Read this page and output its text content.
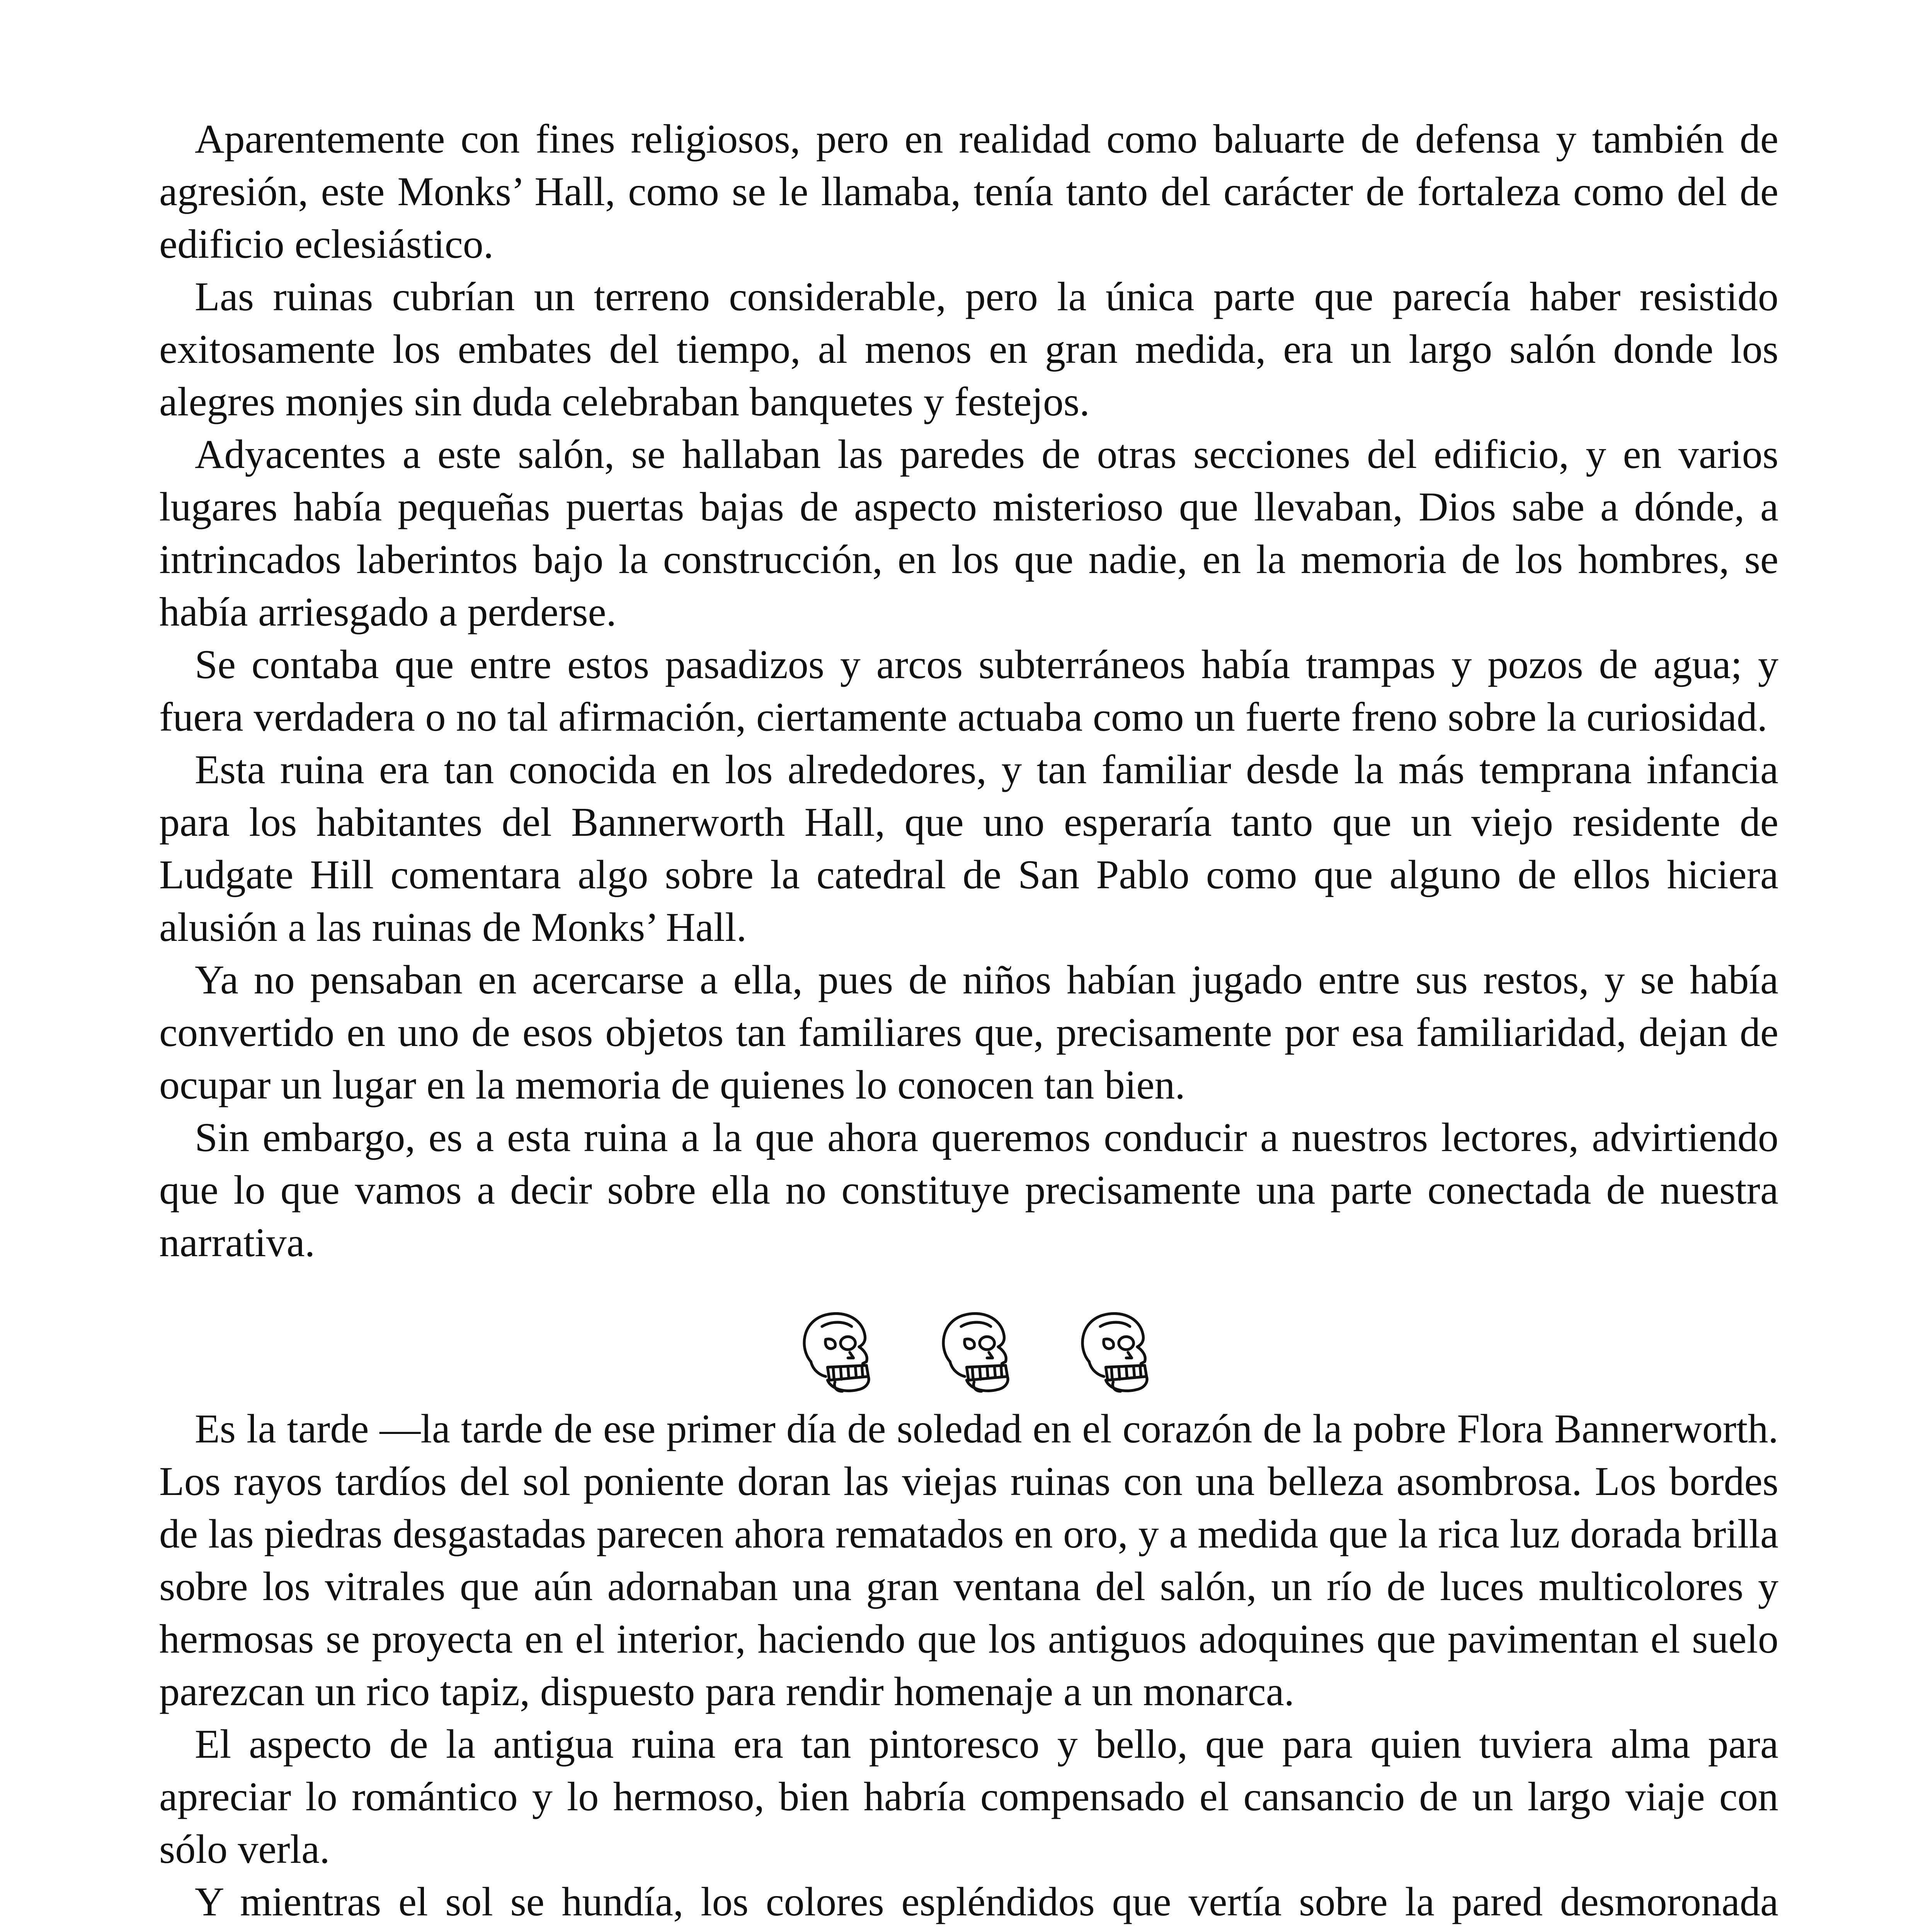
Aparentemente con fines religiosos, pero en realidad como baluarte de defensa y también de agresión, este Monks’ Hall, como se le llamaba, tenía tanto del carácter de fortaleza como del de edificio eclesiástico.

Las ruinas cubrían un terreno considerable, pero la única parte que parecía haber resistido exitosamente los embates del tiempo, al menos en gran medida, era un largo salón donde los alegres monjes sin duda celebraban banquetes y festejos.

Adyacentes a este salón, se hallaban las paredes de otras secciones del edificio, y en varios lugares había pequeñas puertas bajas de aspecto misterioso que llevaban, Dios sabe a dónde, a intrincados laberintos bajo la construcción, en los que nadie, en la memoria de los hombres, se había arriesgado a perderse.

Se contaba que entre estos pasadizos y arcos subterráneos había trampas y pozos de agua; y fuera verdadera o no tal afirmación, ciertamente actuaba como un fuerte freno sobre la curiosidad.

Esta ruina era tan conocida en los alrededores, y tan familiar desde la más temprana infancia para los habitantes del Bannerworth Hall, que uno esperaría tanto que un viejo residente de Ludgate Hill comentara algo sobre la catedral de San Pablo como que alguno de ellos hiciera alusión a las ruinas de Monks’ Hall.

Ya no pensaban en acercarse a ella, pues de niños habían jugado entre sus restos, y se había convertido en uno de esos objetos tan familiares que, precisamente por esa familiaridad, dejan de ocupar un lugar en la memoria de quienes lo conocen tan bien.

Sin embargo, es a esta ruina a la que ahora queremos conducir a nuestros lectores, advirtiendo que lo que vamos a decir sobre ella no constituye precisamente una parte conectada de nuestra narrativa.

Es la tarde —la tarde de ese primer día de soledad en el corazón de la pobre Flora Bannerworth. Los rayos tardíos del sol poniente doran las viejas ruinas con una belleza asombrosa. Los bordes de las piedras desgastadas parecen ahora rematados en oro, y a medida que la rica luz dorada brilla sobre los vitrales que aún adornaban una gran ventana del salón, un río de luces multicolores y hermosas se proyecta en el interior, haciendo que los antiguos adoquines que pavimentan el suelo parezcan un rico tapiz, dispuesto para rendir homenaje a un monarca.

El aspecto de la antigua ruina era tan pintoresco y bello, que para quien tuviera alma para apreciar lo romántico y lo hermoso, bien habría compensado el cansancio de un largo viaje con sólo verla.

Y mientras el sol se hundía, los colores espléndidos que vertía sobre la pared desmoronada
